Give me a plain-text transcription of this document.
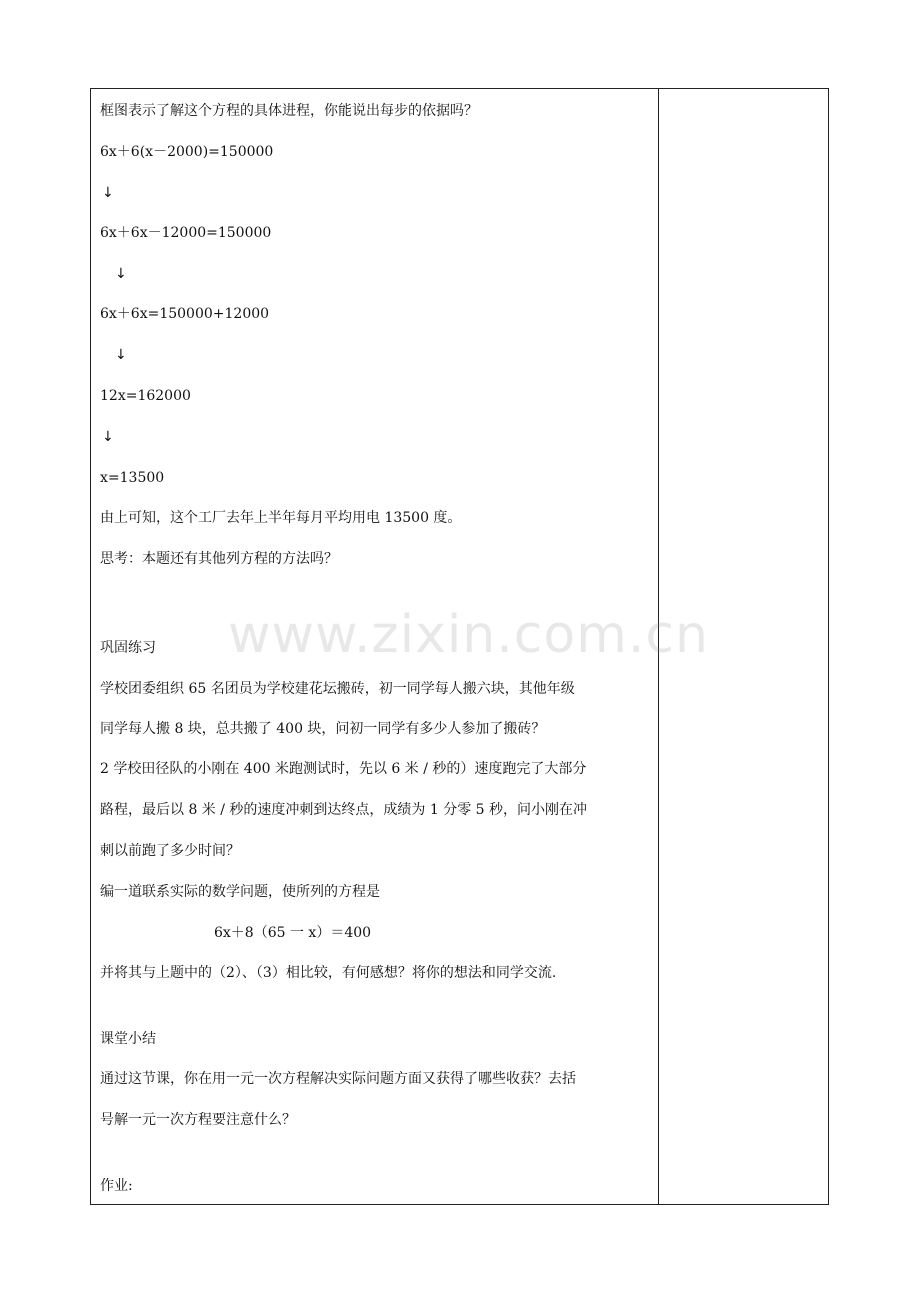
框图表示了解这个方程的具体进程，你能说出每步的依据吗？
6x＋6(x－2000)=150000
↓
6x＋6x－12000=150000
↓
6x＋6x=150000+12000
↓
12x=162000
↓
x=13500
由上可知，这个工厂去年上半年每月平均用电 13500 度。
思考：本题还有其他列方程的方法吗？
巩固练习
学校团委组织 65 名团员为学校建花坛搬砖，初一同学每人搬六块，其他年级
同学每人搬 8 块，总共搬了 400 块，问初一同学有多少人参加了搬砖？
2 学校田径队的小刚在 400 米跑测试时，先以 6 米 / 秒的）速度跑完了大部分
路程，最后以 8 米 / 秒的速度冲刺到达终点，成绩为 1 分零 5 秒，问小刚在冲
刺以前跑了多少时间？
编一道联系实际的数学问题，使所列的方程是
6x＋8（65 一 x）＝400
并将其与上题中的（2）、（3）相比较，有何感想？将你的想法和同学交流.
课堂小结
通过这节课，你在用一元一次方程解决实际问题方面又获得了哪些收获？去括
号解一元一次方程要注意什么？
作业:
www.zixin.com.cn
